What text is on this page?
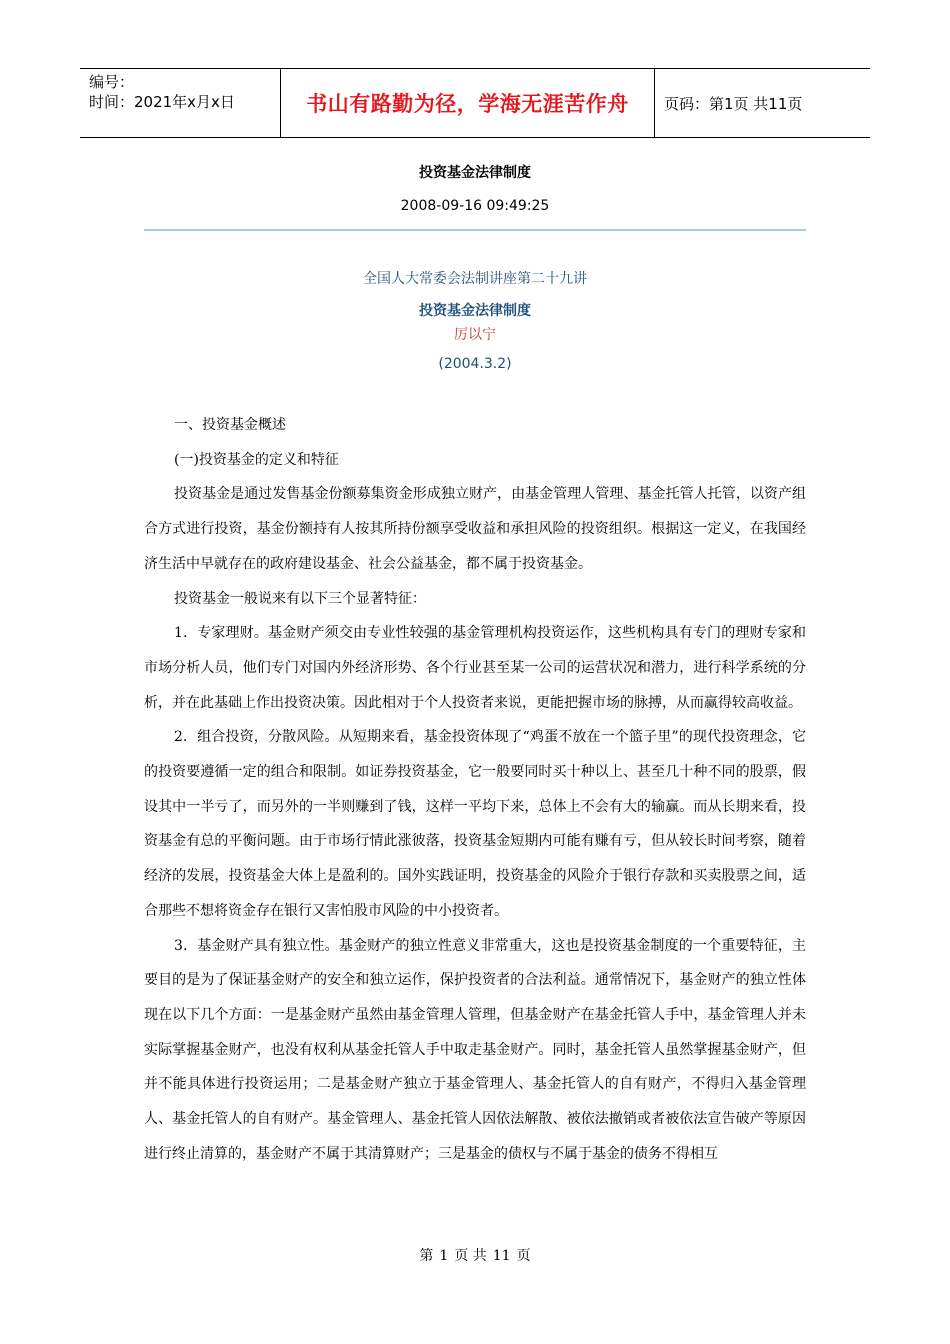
编号：
时间：2021年x月x日	书山有路勤为径，学海无涯苦作舟	页码：第1页 共11页
投资基金法律制度
2008-09-16 09:49:25
全国人大常委会法制讲座第二十九讲
投资基金法律制度
厉以宁
(2004.3.2)

一、投资基金概述

(一)投资基金的定义和特征

投资基金是通过发售基金份额募集资金形成独立财产，由基金管理人管理、基金托管人托管，以资产组合方式进行投资，基金份额持有人按其所持份额享受收益和承担风险的投资组织。根据这一定义，在我国经济生活中早就存在的政府建设基金、社会公益基金，都不属于投资基金。

投资基金一般说来有以下三个显著特征：

1．专家理财。基金财产须交由专业性较强的基金管理机构投资运作，这些机构具有专门的理财专家和市场分析人员，他们专门对国内外经济形势、各个行业甚至某一公司的运营状况和潜力，进行科学系统的分析，并在此基础上作出投资决策。因此相对于个人投资者来说，更能把握市场的脉搏，从而赢得较高收益。

2．组合投资，分散风险。从短期来看，基金投资体现了“鸡蛋不放在一个篮子里”的现代投资理念，它的投资要遵循一定的组合和限制。如证券投资基金，它一般要同时买十种以上、甚至几十种不同的股票，假设其中一半亏了，而另外的一半则赚到了钱，这样一平均下来，总体上不会有大的输赢。而从长期来看，投资基金有总的平衡问题。由于市场行情此涨彼落，投资基金短期内可能有赚有亏，但从较长时间考察，随着经济的发展，投资基金大体上是盈利的。国外实践证明，投资基金的风险介于银行存款和买卖股票之间，适合那些不想将资金存在银行又害怕股市风险的中小投资者。

3．基金财产具有独立性。基金财产的独立性意义非常重大，这也是投资基金制度的一个重要特征，主要目的是为了保证基金财产的安全和独立运作，保护投资者的合法利益。通常情况下，基金财产的独立性体现在以下几个方面：一是基金财产虽然由基金管理人管理，但基金财产在基金托管人手中，基金管理人并未实际掌握基金财产，也没有权利从基金托管人手中取走基金财产。同时，基金托管人虽然掌握基金财产，但并不能具体进行投资运用；二是基金财产独立于基金管理人、基金托管人的自有财产，不得归入基金管理人、基金托管人的自有财产。基金管理人、基金托管人因依法解散、被依法撤销或者被依法宣告破产等原因进行终止清算的，基金财产不属于其清算财产；三是基金的债权与不属于基金的债务不得相互

第 1 页 共 11 页
